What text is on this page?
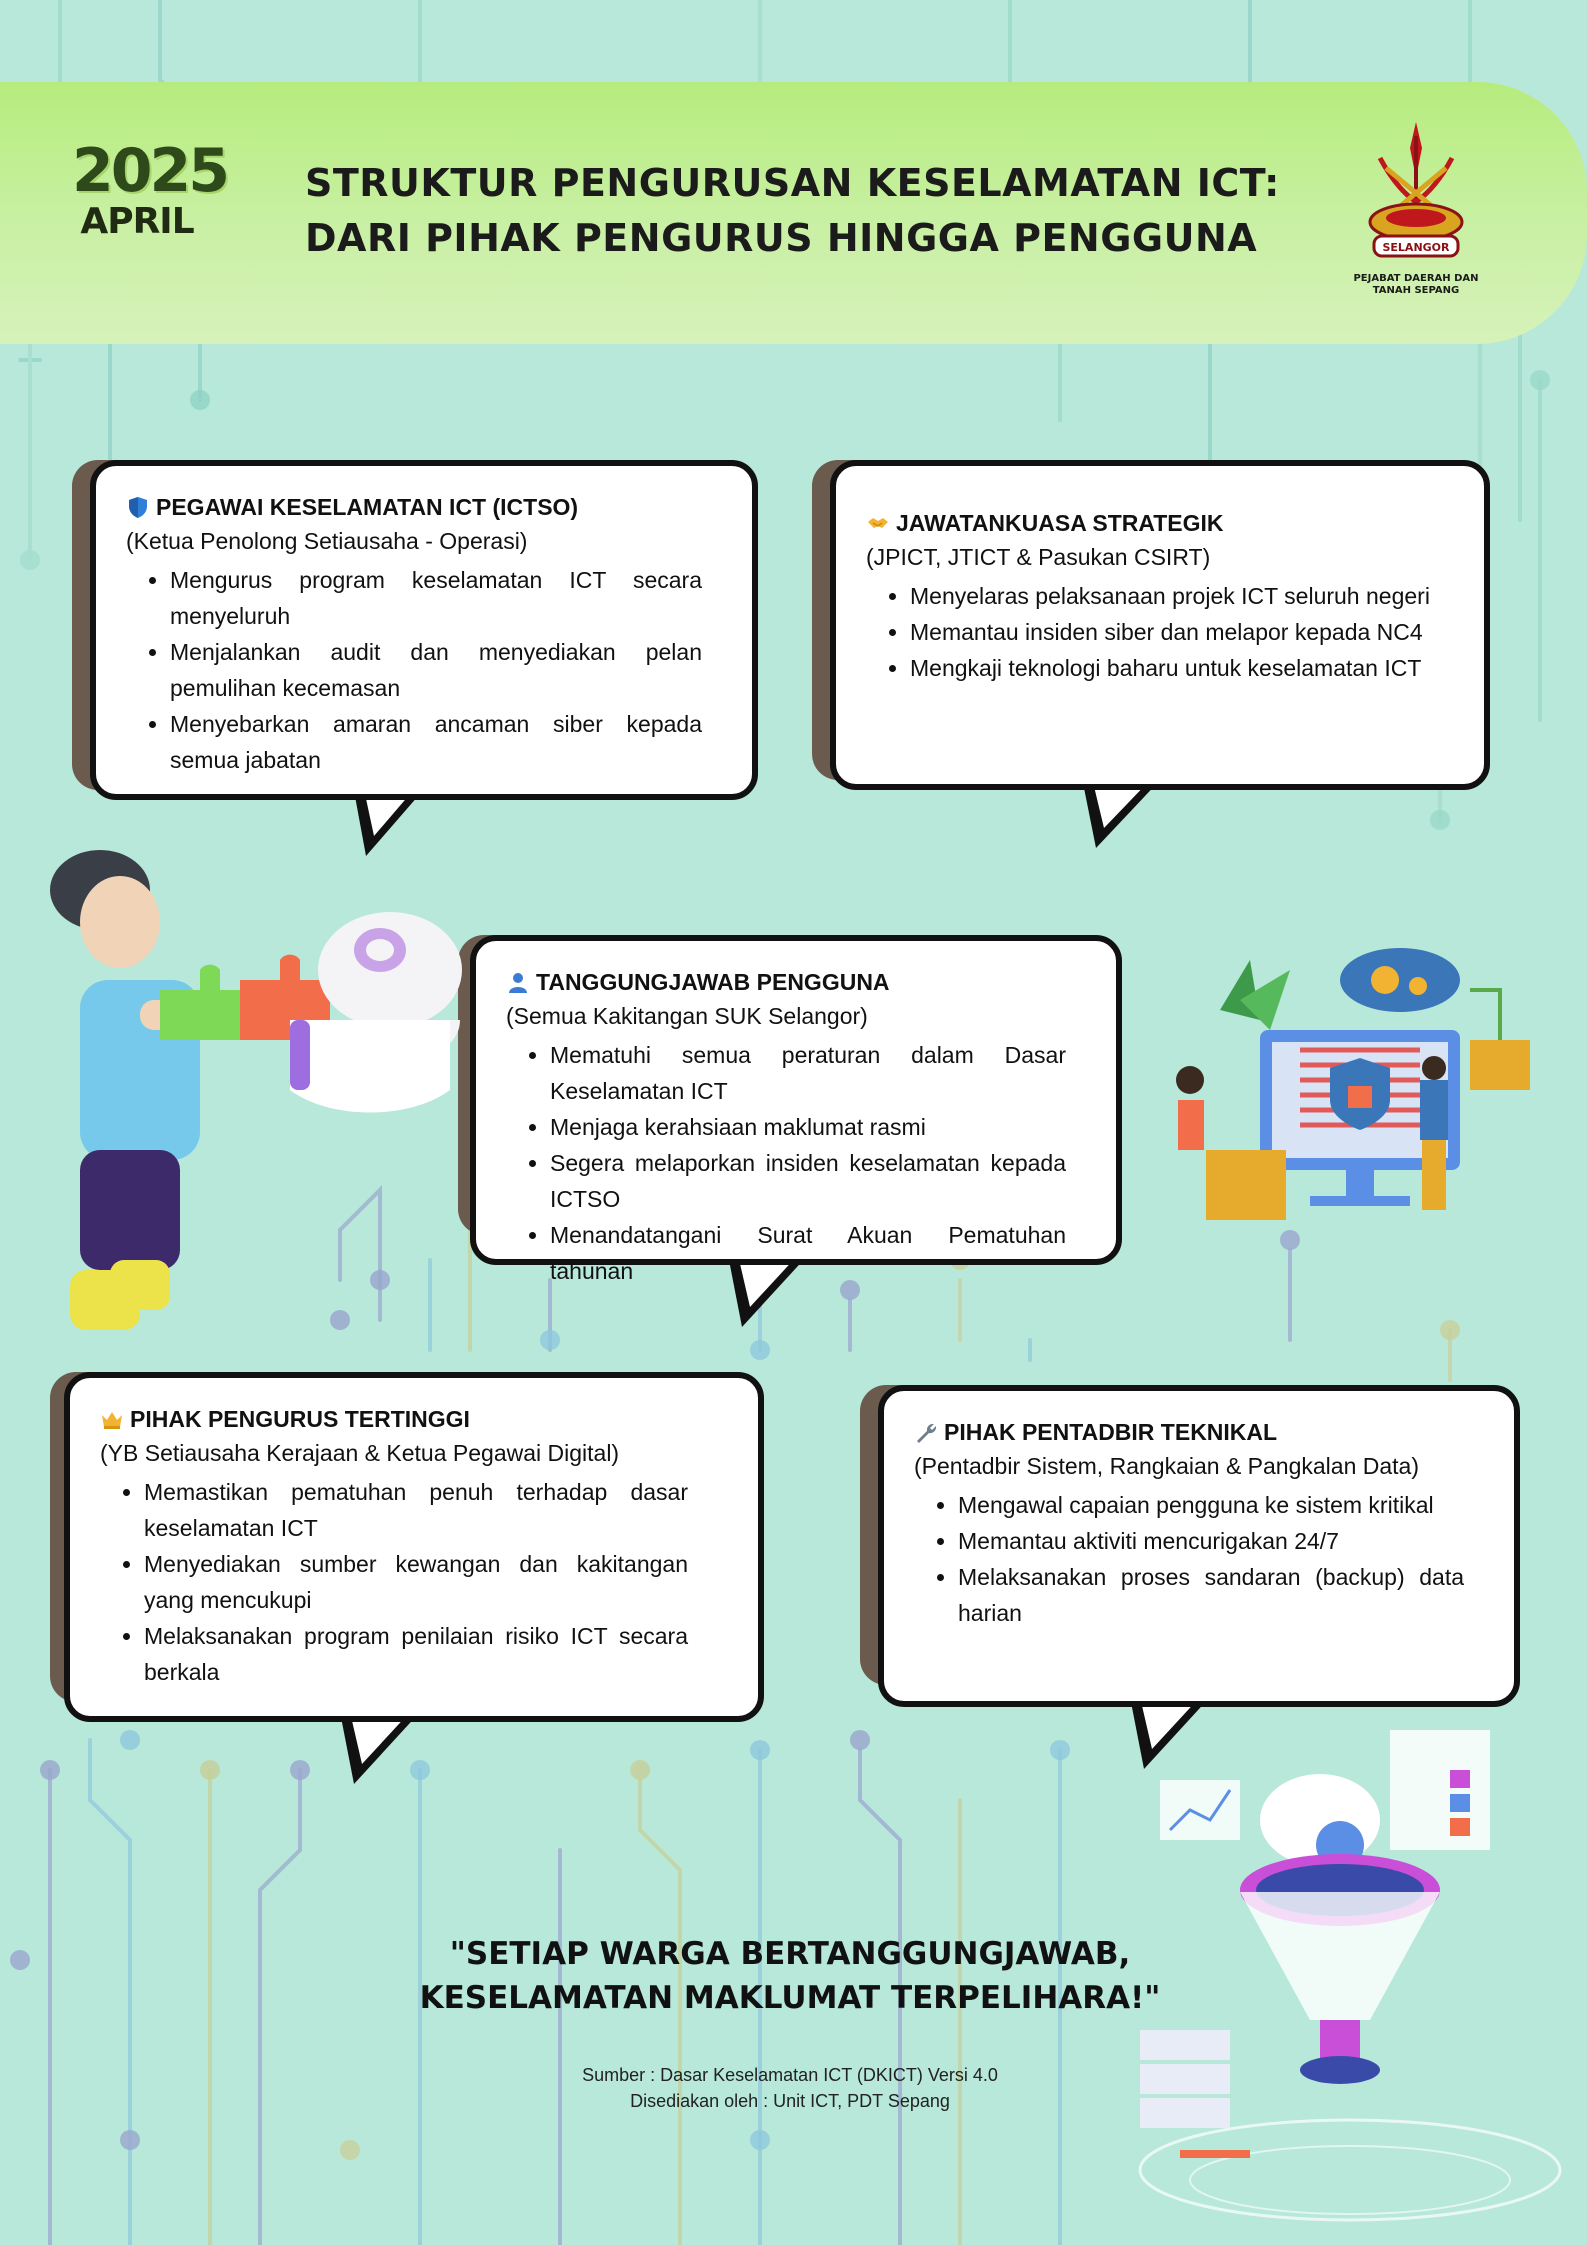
2025
APRIL
STRUKTUR PENGURUSAN KESELAMATAN ICT:
DARI PIHAK PENGURUS HINGGA PENGGUNA	SELANGOR
PEJABAT DAERAH DAN
TANAH SEPANG
PEGAWAI KESELAMATAN ICT (ICTSO)
(Ketua Penolong Setiausaha - Operasi)
• Mengurus program keselamatan ICT secara menyeluruh
• Menjalankan audit dan menyediakan pelan pemulihan kecemasan
• Menyebarkan amaran ancaman siber kepada semua jabatan
JAWATANKUASA STRATEGIK
(JPICT, JTICT & Pasukan CSIRT)
• Menyelaras pelaksanaan projek ICT seluruh negeri
• Memantau insiden siber dan melapor kepada NC4
• Mengkaji teknologi baharu untuk keselamatan ICT
TANGGUNGJAWAB PENGGUNA
(Semua Kakitangan SUK Selangor)
• Mematuhi semua peraturan dalam Dasar Keselamatan ICT
• Menjaga kerahsiaan maklumat rasmi
• Segera melaporkan insiden keselamatan kepada ICTSO
• Menandatangani Surat Akuan Pematuhan tahunan
PIHAK PENGURUS TERTINGGI
(YB Setiausaha Kerajaan & Ketua Pegawai Digital)
• Memastikan pematuhan penuh terhadap dasar keselamatan ICT
• Menyediakan sumber kewangan dan kakitangan yang mencukupi
• Melaksanakan program penilaian risiko ICT secara berkala
PIHAK PENTADBIR TEKNIKAL
(Pentadbir Sistem, Rangkaian & Pangkalan Data)
• Mengawal capaian pengguna ke sistem kritikal
• Memantau aktiviti mencurigakan 24/7
• Melaksanakan proses sandaran (backup) data harian
"SETIAP WARGA BERTANGGUNGJAWAB,
KESELAMATAN MAKLUMAT TERPELIHARA!"
Sumber : Dasar Keselamatan ICT (DKICT) Versi 4.0
Disediakan oleh : Unit ICT, PDT Sepang
